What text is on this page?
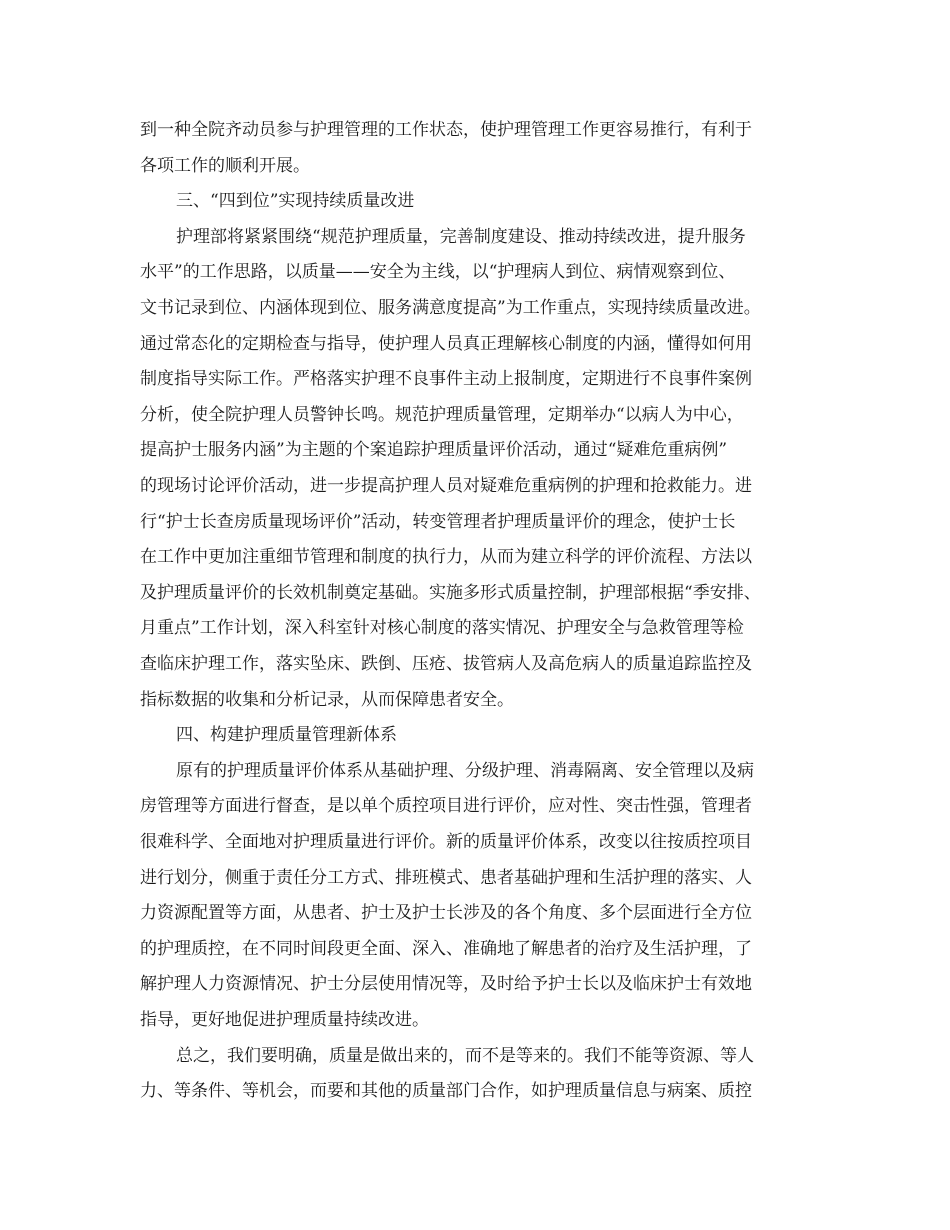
到一种全院齐动员参与护理管理的工作状态，使护理管理工作更容易推行，有利于
各项工作的顺利开展。
三、“四到位”实现持续质量改进
护理部将紧紧围绕“规范护理质量，完善制度建设、推动持续改进，提升服务
水平”的工作思路，以质量——安全为主线，以“护理病人到位、病情观察到位、
文书记录到位、内涵体现到位、服务满意度提高”为工作重点，实现持续质量改进。
通过常态化的定期检查与指导，使护理人员真正理解核心制度的内涵，懂得如何用
制度指导实际工作。严格落实护理不良事件主动上报制度，定期进行不良事件案例
分析，使全院护理人员警钟长鸣。规范护理质量管理，定期举办“以病人为中心，
提高护士服务内涵”为主题的个案追踪护理质量评价活动，通过“疑难危重病例”
的现场讨论评价活动，进一步提高护理人员对疑难危重病例的护理和抢救能力。进
行“护士长查房质量现场评价”活动，转变管理者护理质量评价的理念，使护士长
在工作中更加注重细节管理和制度的执行力，从而为建立科学的评价流程、方法以
及护理质量评价的长效机制奠定基础。实施多形式质量控制，护理部根据“季安排、
月重点”工作计划，深入科室针对核心制度的落实情况、护理安全与急救管理等检
查临床护理工作，落实坠床、跌倒、压疮、拔管病人及高危病人的质量追踪监控及
指标数据的收集和分析记录，从而保障患者安全。
四、构建护理质量管理新体系
原有的护理质量评价体系从基础护理、分级护理、消毒隔离、安全管理以及病
房管理等方面进行督查，是以单个质控项目进行评价，应对性、突击性强，管理者
很难科学、全面地对护理质量进行评价。新的质量评价体系，改变以往按质控项目
进行划分，侧重于责任分工方式、排班模式、患者基础护理和生活护理的落实、人
力资源配置等方面，从患者、护士及护士长涉及的各个角度、多个层面进行全方位
的护理质控，在不同时间段更全面、深入、准确地了解患者的治疗及生活护理，了
解护理人力资源情况、护士分层使用情况等，及时给予护士长以及临床护士有效地
指导，更好地促进护理质量持续改进。
总之，我们要明确，质量是做出来的，而不是等来的。我们不能等资源、等人
力、等条件、等机会，而要和其他的质量部门合作，如护理质量信息与病案、质控
